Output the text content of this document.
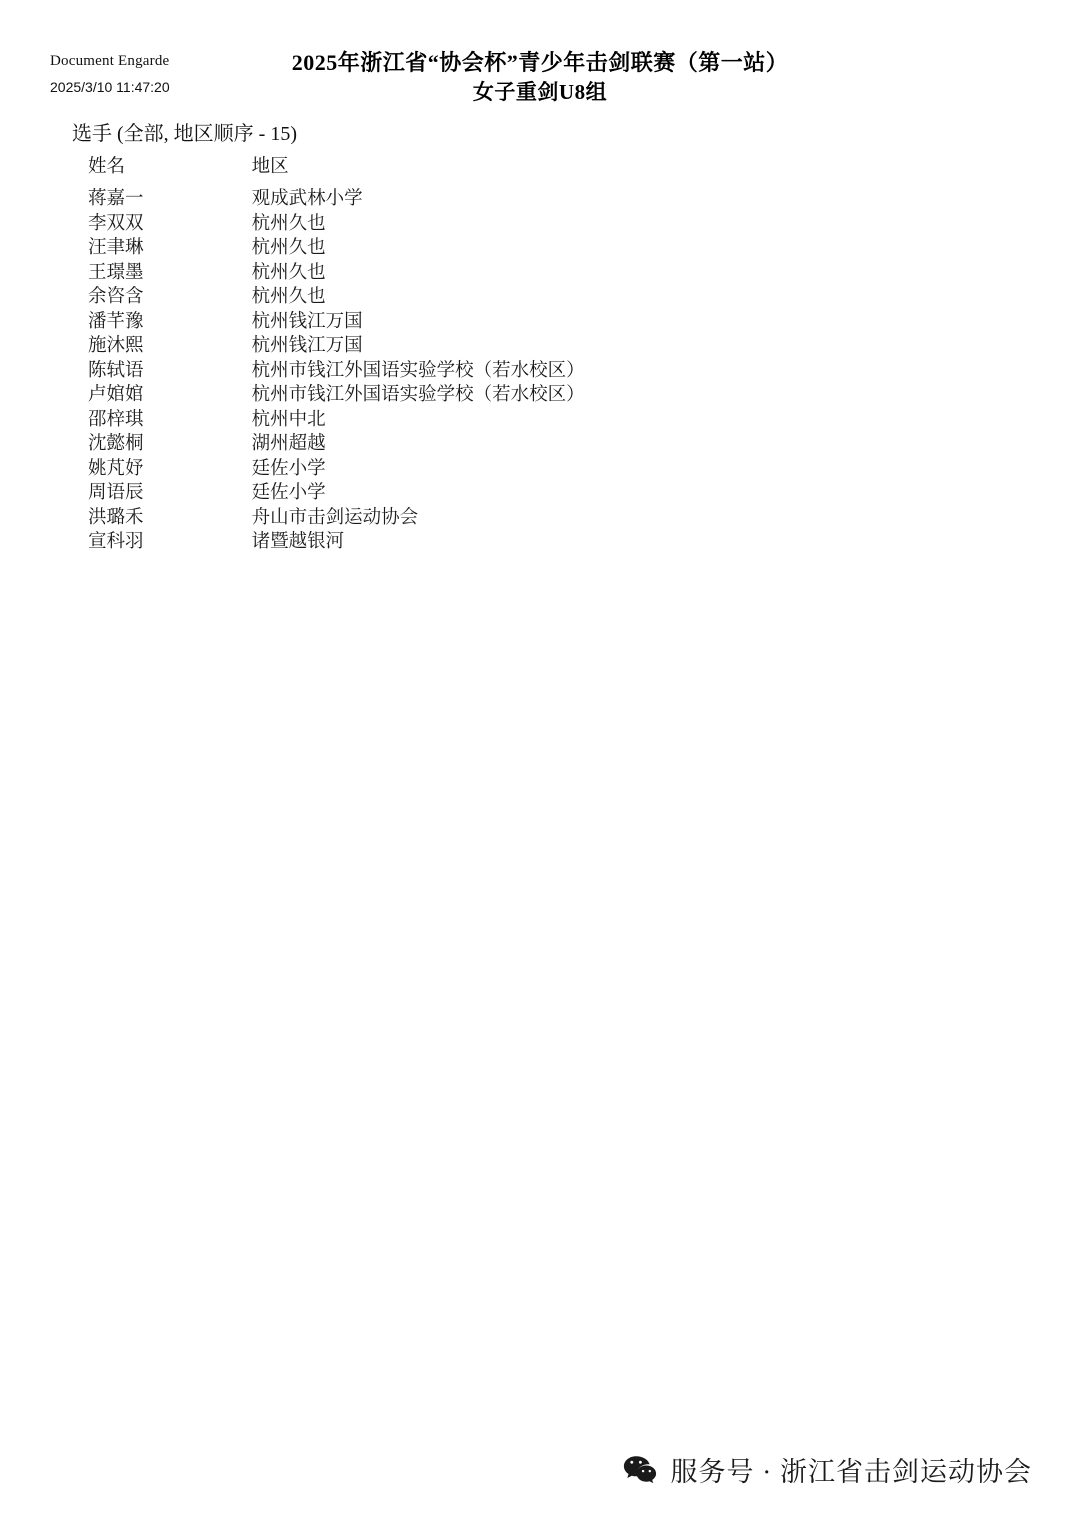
Document Engarde
2025/3/10 11:47:20
2025年浙江省“协会杯”青少年击剑联赛（第一站）
女子重剑U8组
选手 (全部, 地区顺序 - 15)
姓名	地区
蒋嘉一	观成武林小学
李双双	杭州久也
汪聿琳	杭州久也
王璟墨	杭州久也
余咨含	杭州久也
潘芊豫	杭州钱江万国
施沐熙	杭州钱江万国
陈轼语	杭州市钱江外国语实验学校（若水校区）
卢婠婠	杭州市钱江外国语实验学校（若水校区）
邵梓琪	杭州中北
沈懿桐	湖州超越
姚芃妤	廷佐小学
周语辰	廷佐小学
洪璐禾	舟山市击剑运动协会
宣科羽	诸暨越银河
服务号 · 浙江省击剑运动协会
